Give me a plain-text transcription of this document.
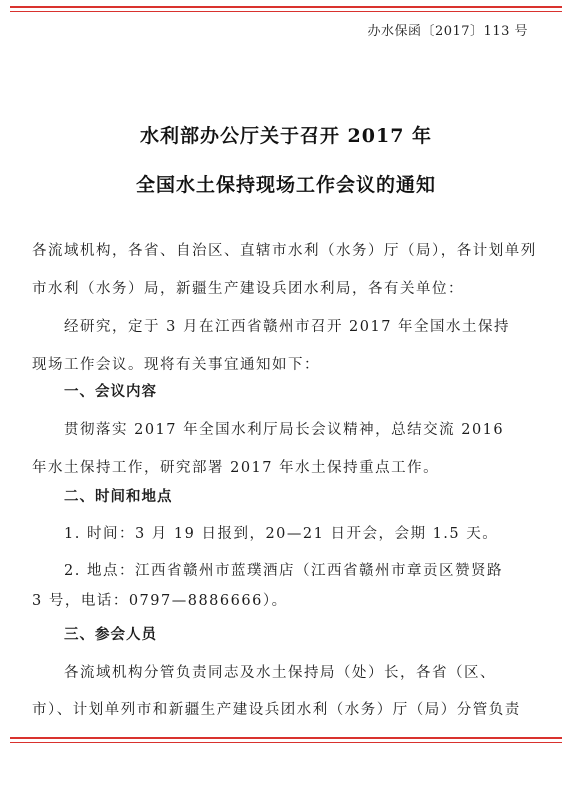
办水保函〔2017〕113 号
水利部办公厅关于召开 2017 年
全国水土保持现场工作会议的通知
各流域机构，各省、自治区、直辖市水利（水务）厅（局），各计划单列
市水利（水务）局，新疆生产建设兵团水利局，各有关单位：
经研究，定于 3 月在江西省赣州市召开 2017 年全国水土保持
现场工作会议。现将有关事宜通知如下：
一、会议内容
贯彻落实 2017 年全国水利厅局长会议精神，总结交流 2016
年水土保持工作，研究部署 2017 年水土保持重点工作。
二、时间和地点
1. 时间：3 月 19 日报到，20—21 日开会，会期 1.5 天。
2. 地点：江西省赣州市蓝璞酒店（江西省赣州市章贡区赞贤路
3 号，电话：0797—8886666）。
三、参会人员
各流域机构分管负责同志及水土保持局（处）长，各省（区、
市）、计划单列市和新疆生产建设兵团水利（水务）厅（局）分管负责
